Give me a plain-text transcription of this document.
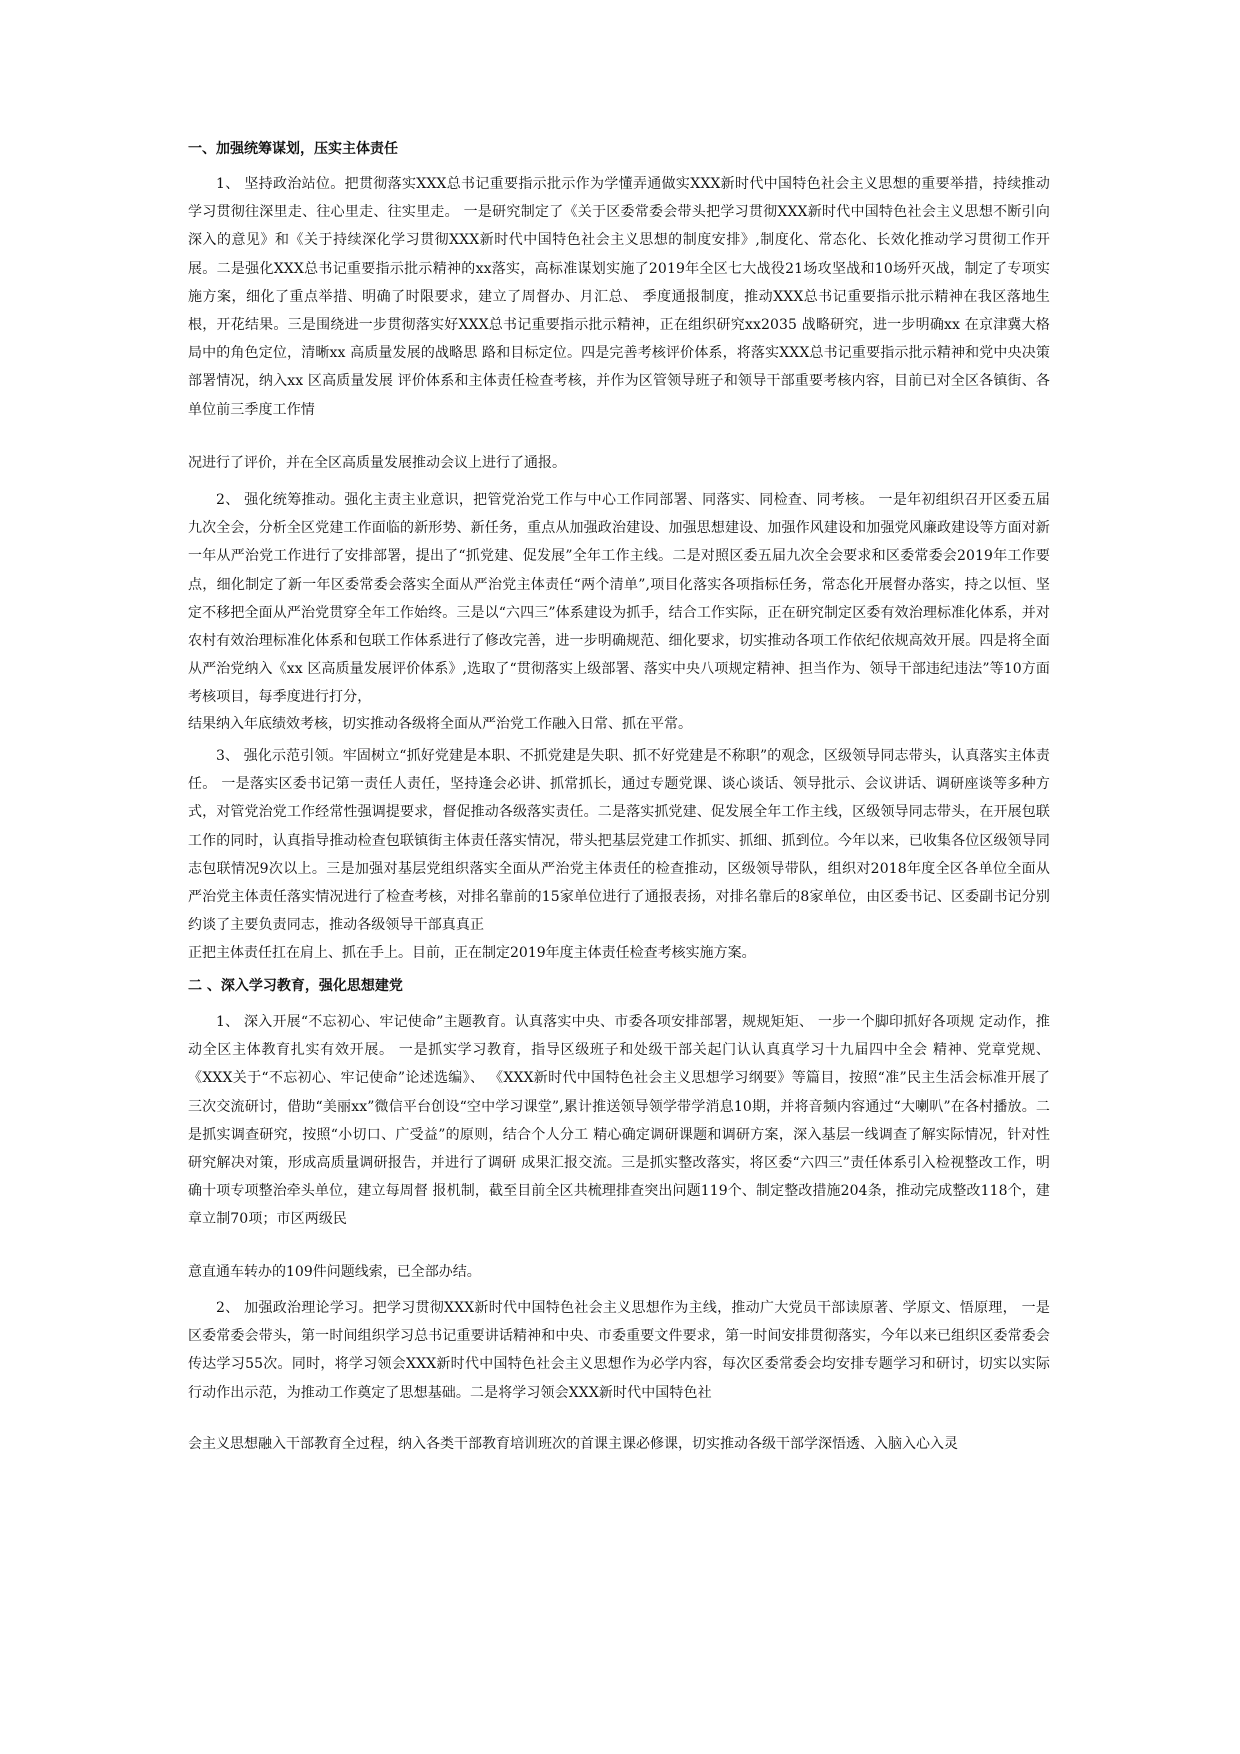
一、加强统筹谋划，压实主体责任

1、 坚持政治站位。把贯彻落实XXX总书记重要指示批示作为学懂弄通做实XXX新时代中国特色社会主义思想的重要举措，持续推动学习贯彻往深里走、往心里走、往实里走。 一是研究制定了《关于区委常委会带头把学习贯彻XXX新时代中国特色社会主义思想不断引向深入的意见》和《关于持续深化学习贯彻XXX新时代中国特色社会主义思想的制度安排》,制度化、常态化、长效化推动学习贯彻工作开展。二是强化XXX总书记重要指示批示精神的xx落实，高标准谋划实施了2019年全区七大战役21场攻坚战和10场歼灭战，制定了专项实施方案，细化了重点举措、明确了时限要求，建立了周督办、月汇总、 季度通报制度，推动XXX总书记重要指示批示精神在我区落地生根，开花结果。三是围绕进一步贯彻落实好XXX总书记重要指示批示精神，正在组织研究xx2035 战略研究，进一步明确xx 在京津冀大格局中的角色定位，清晰xx 高质量发展的战略思 路和目标定位。四是完善考核评价体系，将落实XXX总书记重要指示批示精神和党中央决策部署情况，纳入xx 区高质量发展 评价体系和主体责任检查考核，并作为区管领导班子和领导干部重要考核内容，目前已对全区各镇街、各单位前三季度工作情

况进行了评价，并在全区高质量发展推动会议上进行了通报。

2、 强化统筹推动。强化主责主业意识，把管党治党工作与中心工作同部署、同落实、同检查、同考核。 一是年初组织召开区委五届九次全会，分析全区党建工作面临的新形势、新任务，重点从加强政治建设、加强思想建设、加强作风建设和加强党风廉政建设等方面对新一年从严治党工作进行了安排部署，提出了“抓党建、促发展”全年工作主线。二是对照区委五届九次全会要求和区委常委会2019年工作要点，细化制定了新一年区委常委会落实全面从严治党主体责任“两个清单”,项目化落实各项指标任务，常态化开展督办落实，持之以恒、坚定不移把全面从严治党贯穿全年工作始终。三是以“六四三”体系建设为抓手，结合工作实际，正在研究制定区委有效治理标准化体系，并对农村有效治理标准化体系和包联工作体系进行了修改完善，进一步明确规范、细化要求，切实推动各项工作依纪依规高效开展。四是将全面从严治党纳入《xx 区高质量发展评价体系》,选取了“贯彻落实上级部署、落实中央八项规定精神、担当作为、领导干部违纪违法”等10方面考核项目，每季度进行打分，

结果纳入年底绩效考核，切实推动各级将全面从严治党工作融入日常、抓在平常。

3、 强化示范引领。牢固树立“抓好党建是本职、不抓党建是失职、抓不好党建是不称职”的观念，区级领导同志带头，认真落实主体责任。 一是落实区委书记第一责任人责任，坚持逢会必讲、抓常抓长，通过专题党课、谈心谈话、领导批示、会议讲话、调研座谈等多种方式，对管党治党工作经常性强调提要求，督促推动各级落实责任。二是落实抓党建、促发展全年工作主线，区级领导同志带头，在开展包联工作的同时，认真指导推动检查包联镇街主体责任落实情况，带头把基层党建工作抓实、抓细、抓到位。今年以来，已收集各位区级领导同志包联情况9次以上。三是加强对基层党组织落实全面从严治党主体责任的检查推动，区级领导带队，组织对2018年度全区各单位全面从严治党主体责任落实情况进行了检查考核，对排名靠前的15家单位进行了通报表扬，对排名靠后的8家单位，由区委书记、区委副书记分别约谈了主要负责同志，推动各级领导干部真真正

正把主体责任扛在肩上、抓在手上。目前，正在制定2019年度主体责任检查考核实施方案。

二 、深入学习教育，强化思想建党

1、 深入开展“不忘初心、牢记使命”主题教育。认真落实中央、市委各项安排部署，规规矩矩、 一步一个脚印抓好各项规 定动作，推动全区主体教育扎实有效开展。 一是抓实学习教育，指导区级班子和处级干部关起门认认真真学习十九届四中全会 精神、党章党规、 《XXX关于“不忘初心、牢记使命”论述选编》、 《XXX新时代中国特色社会主义思想学习纲要》等篇目，按照“准”民主生活会标准开展了三次交流研讨，借助“美丽xx”微信平台创设“空中学习课堂”,累计推送领导领学带学消息10期，并将音频内容通过“大喇叭”在各村播放。二是抓实调查研究，按照“小切口、广受益”的原则，结合个人分工 精心确定调研课题和调研方案，深入基层一线调查了解实际情况，针对性研究解决对策，形成高质量调研报告，并进行了调研 成果汇报交流。三是抓实整改落实，将区委“六四三”责任体系引入检视整改工作，明确十项专项整治牵头单位，建立每周督 报机制，截至目前全区共梳理排查突出问题119个、制定整改措施204条，推动完成整改118个，建章立制70项；市区两级民

意直通车转办的109件问题线索，已全部办结。

2、 加强政治理论学习。把学习贯彻XXX新时代中国特色社会主义思想作为主线，推动广大党员干部读原著、学原文、悟原理， 一是区委常委会带头，第一时间组织学习总书记重要讲话精神和中央、市委重要文件要求，第一时间安排贯彻落实，今年以来已组织区委常委会传达学习55次。同时，将学习领会XXX新时代中国特色社会主义思想作为必学内容，每次区委常委会均安排专题学习和研讨，切实以实际行动作出示范，为推动工作奠定了思想基础。二是将学习领会XXX新时代中国特色社

会主义思想融入干部教育全过程，纳入各类干部教育培训班次的首课主课必修课，切实推动各级干部学深悟透、入脑入心入灵
